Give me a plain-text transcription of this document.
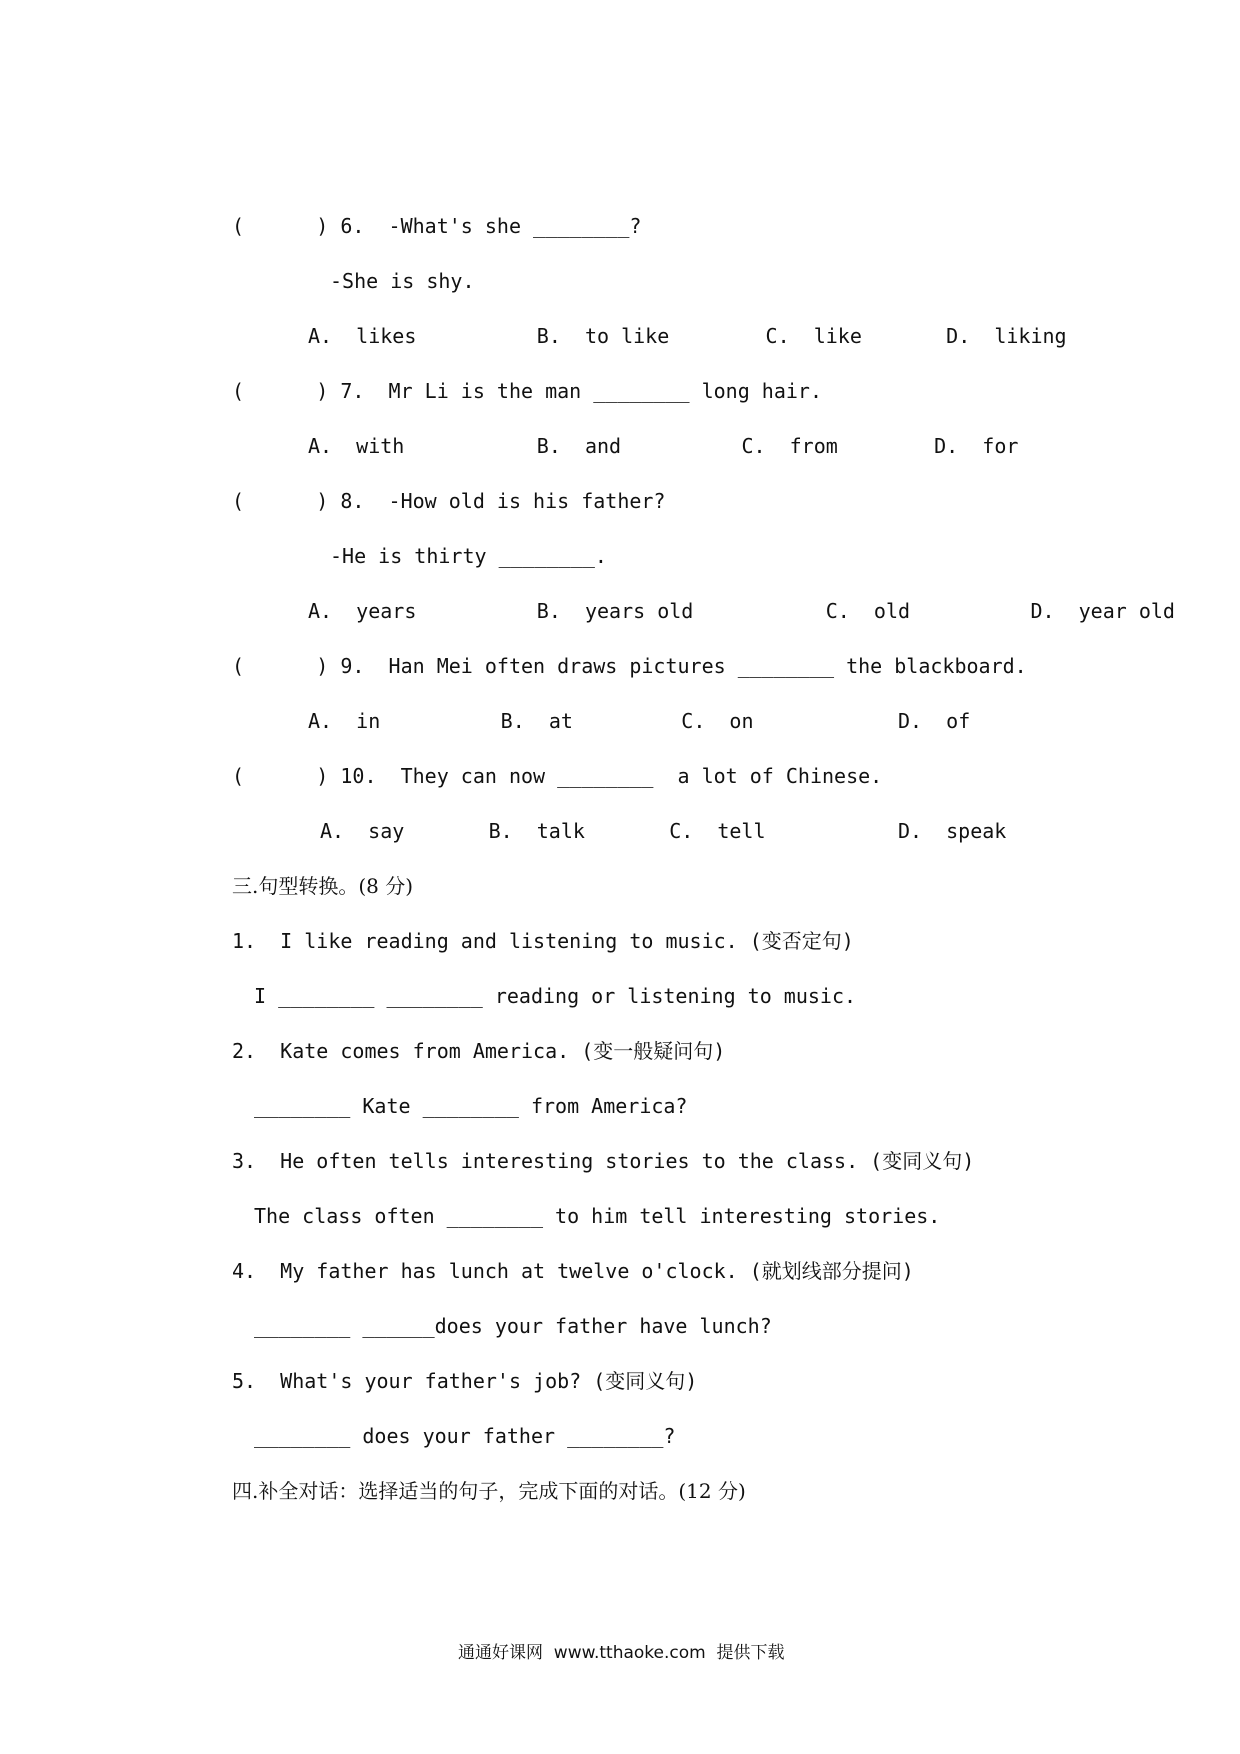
(      ) 6.  -What's she ________?
-She is shy.
A.  likes          B.  to like        C.  like       D.  liking
(      ) 7.  Mr Li is the man ________ long hair.
A.  with           B.  and          C.  from        D.  for
(      ) 8.  -How old is his father?
-He is thirty ________.
A.  years          B.  years old           C.  old          D.  year old
(      ) 9.  Han Mei often draws pictures ________ the blackboard.
A.  in          B.  at         C.  on            D.  of
(      ) 10.  They can now ________  a lot of Chinese.
A.  say       B.  talk       C.  tell           D.  speak
三.句型转换。(8 分)
1.  I like reading and listening to music. (变否定句)
I ________ ________ reading or listening to music.
2.  Kate comes from America. (变一般疑问句)
________ Kate ________ from America?
3.  He often tells interesting stories to the class. (变同义句)
The class often ________ to him tell interesting stories.
4.  My father has lunch at twelve o'clock. (就划线部分提问)
________ ______does your father have lunch?
5.  What's your father's job? (变同义句)
________ does your father ________?
四.补全对话：选择适当的句子，完成下面的对话。(12 分)
通通好课网  www.tthaoke.com  提供下载
